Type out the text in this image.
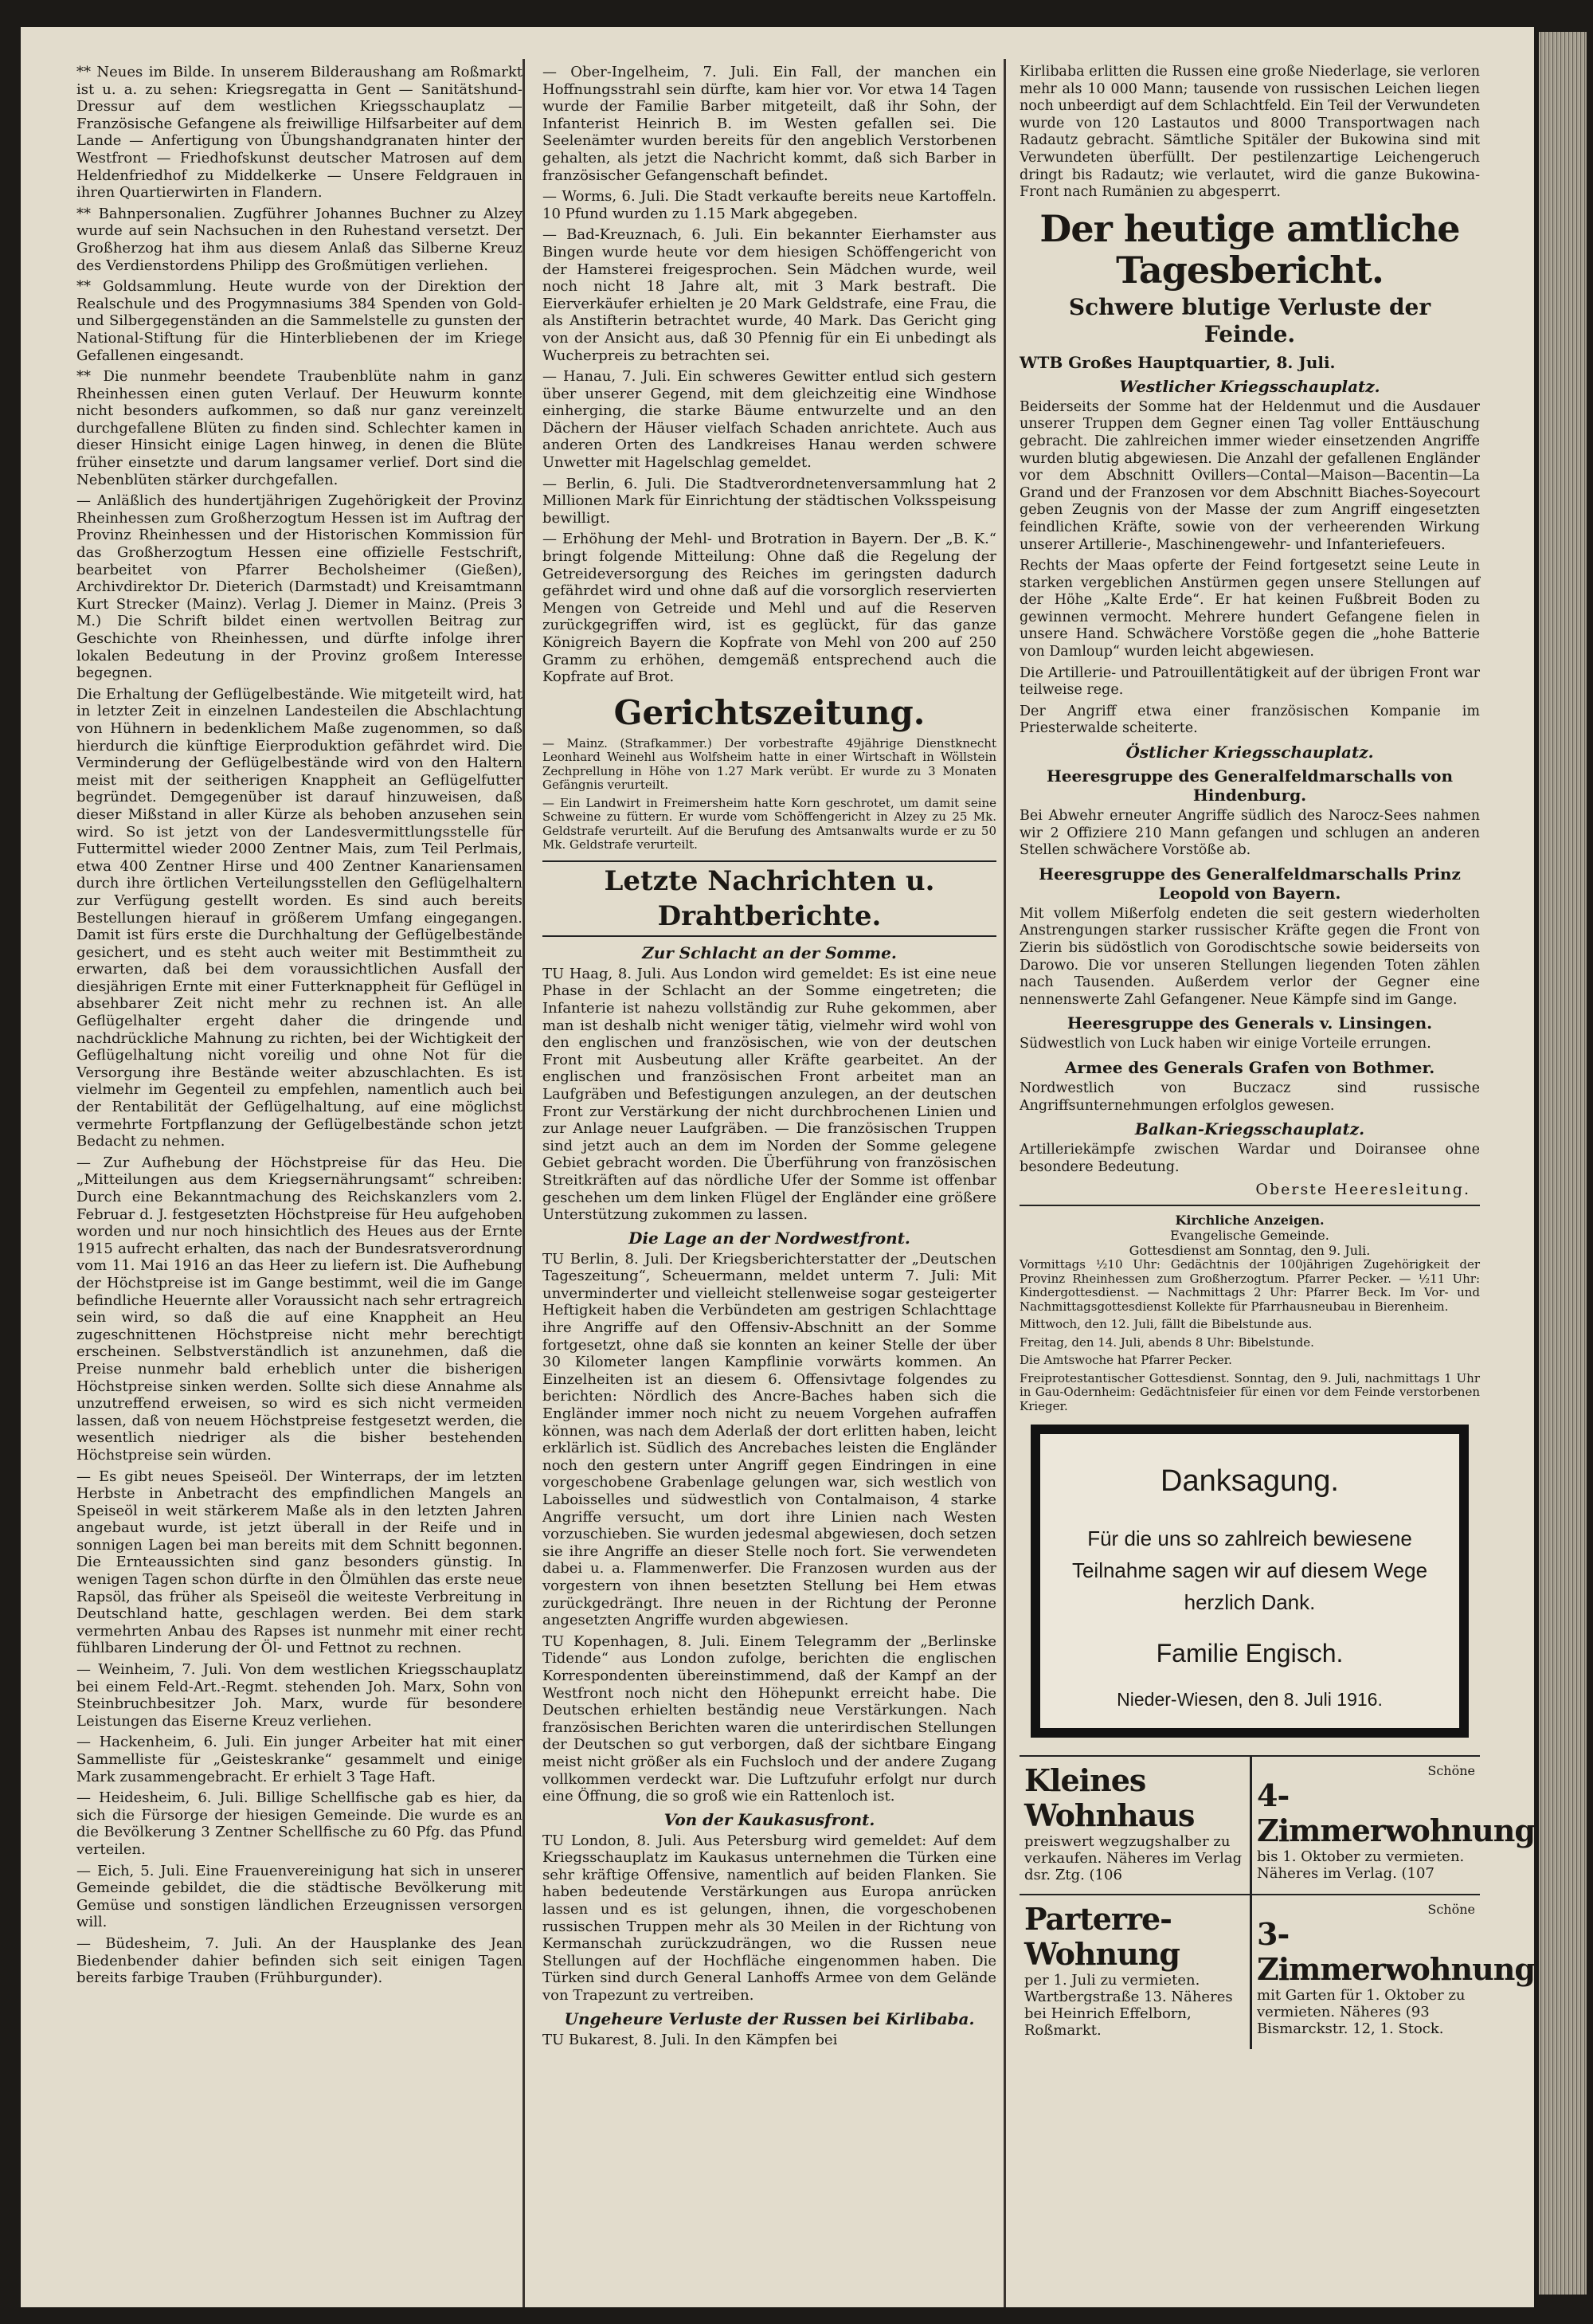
** Neues im Bilde. In unserem Bilderaushang am Roßmarkt ist u. a. zu sehen: Kriegsregatta in Gent — Sanitätshund-Dressur auf dem westlichen Kriegsschauplatz — Französische Gefangene als freiwillige Hilfsarbeiter auf dem Lande — Anfertigung von Übungshandgranaten hinter der Westfront — Friedhofskunst deutscher Matrosen auf dem Heldenfriedhof zu Middelkerke — Unsere Feldgrauen in ihren Quartierwirten in Flandern.

** Bahnpersonalien. Zugführer Johannes Buchner zu Alzey wurde auf sein Nachsuchen in den Ruhestand versetzt. Der Großherzog hat ihm aus diesem Anlaß das Silberne Kreuz des Verdienstordens Philipp des Großmütigen verliehen.

** Goldsammlung. Heute wurde von der Direktion der Realschule und des Progymnasiums 384 Spenden von Gold- und Silbergegenständen an die Sammelstelle zu gunsten der National-Stiftung für die Hinterbliebenen der im Kriege Gefallenen eingesandt.

** Die nunmehr beendete Traubenblüte nahm in ganz Rheinhessen einen guten Verlauf. Der Heuwurm konnte nicht besonders aufkommen, so daß nur ganz vereinzelt durchgefallene Blüten zu finden sind. Schlechter kamen in dieser Hinsicht einige Lagen hinweg, in denen die Blüte früher einsetzte und darum langsamer verlief. Dort sind die Nebenblüten stärker durchgefallen.

— Anläßlich des hundertjährigen Zugehörigkeit der Provinz Rheinhessen zum Großherzogtum Hessen ist im Auftrag der Provinz Rheinhessen und der Historischen Kommission für das Großherzogtum Hessen eine offizielle Festschrift, bearbeitet von Pfarrer Becholsheimer (Gießen), Archivdirektor Dr. Dieterich (Darmstadt) und Kreisamtmann Kurt Strecker (Mainz). Verlag J. Diemer in Mainz. (Preis 3 M.) Die Schrift bildet einen wertvollen Beitrag zur Geschichte von Rheinhessen, und dürfte infolge ihrer lokalen Bedeutung in der Provinz großem Interesse begegnen.

Die Erhaltung der Geflügelbestände. Wie mitgeteilt wird, hat in letzter Zeit in einzelnen Landesteilen die Abschlachtung von Hühnern in bedenklichem Maße zugenommen, so daß hierdurch die künftige Eierproduktion gefährdet wird. Die Verminderung der Geflügelbestände wird von den Haltern meist mit der seitherigen Knappheit an Geflügelfutter begründet. Demgegenüber ist darauf hinzuweisen, daß dieser Mißstand in aller Kürze als behoben anzusehen sein wird. So ist jetzt von der Landesvermittlungsstelle für Futtermittel wieder 2000 Zentner Mais, zum Teil Perlmais, etwa 400 Zentner Hirse und 400 Zentner Kanariensamen durch ihre örtlichen Verteilungsstellen den Geflügelhaltern zur Verfügung gestellt worden. Es sind auch bereits Bestellungen hierauf in größerem Umfang eingegangen. Damit ist fürs erste die Durchhaltung der Geflügelbestände gesichert, und es steht auch weiter mit Bestimmtheit zu erwarten, daß bei dem voraussichtlichen Ausfall der diesjährigen Ernte mit einer Futterknappheit für Geflügel in absehbarer Zeit nicht mehr zu rechnen ist. An alle Geflügelhalter ergeht daher die dringende und nachdrückliche Mahnung zu richten, bei der Wichtigkeit der Geflügelhaltung nicht voreilig und ohne Not für die Versorgung ihre Bestände weiter abzuschlachten. Es ist vielmehr im Gegenteil zu empfehlen, namentlich auch bei der Rentabilität der Geflügelhaltung, auf eine möglichst vermehrte Fortpflanzung der Geflügelbestände schon jetzt Bedacht zu nehmen.

— Zur Aufhebung der Höchstpreise für das Heu. Die „Mitteilungen aus dem Kriegsernährungsamt“ schreiben: Durch eine Bekanntmachung des Reichskanzlers vom 2. Februar d. J. festgesetzten Höchstpreise für Heu aufgehoben worden und nur noch hinsichtlich des Heues aus der Ernte 1915 aufrecht erhalten, das nach der Bundesratsverordnung vom 11. Mai 1916 an das Heer zu liefern ist. Die Aufhebung der Höchstpreise ist im Gange bestimmt, weil die im Gange befindliche Heuernte aller Voraussicht nach sehr ertragreich sein wird, so daß die auf eine Knappheit an Heu zugeschnittenen Höchstpreise nicht mehr berechtigt erscheinen. Selbstverständlich ist anzunehmen, daß die Preise nunmehr bald erheblich unter die bisherigen Höchstpreise sinken werden. Sollte sich diese Annahme als unzutreffend erweisen, so wird es sich nicht vermeiden lassen, daß von neuem Höchstpreise festgesetzt werden, die wesentlich niedriger als die bisher bestehenden Höchstpreise sein würden.

— Es gibt neues Speiseöl. Der Winterraps, der im letzten Herbste in Anbetracht des empfindlichen Mangels an Speiseöl in weit stärkerem Maße als in den letzten Jahren angebaut wurde, ist jetzt überall in der Reife und in sonnigen Lagen bei man bereits mit dem Schnitt begonnen. Die Ernteaussichten sind ganz besonders günstig. In wenigen Tagen schon dürfte in den Ölmühlen das erste neue Rapsöl, das früher als Speiseöl die weiteste Verbreitung in Deutschland hatte, geschlagen werden. Bei dem stark vermehrten Anbau des Rapses ist nunmehr mit einer recht fühlbaren Linderung der Öl- und Fettnot zu rechnen.

— Weinheim, 7. Juli. Von dem westlichen Kriegsschauplatz bei einem Feld-Art.-Regmt. stehenden Joh. Marx, Sohn von Steinbruchbesitzer Joh. Marx, wurde für besondere Leistungen das Eiserne Kreuz verliehen.

— Hackenheim, 6. Juli. Ein junger Arbeiter hat mit einer Sammelliste für „Geisteskranke“ gesammelt und einige Mark zusammengebracht. Er erhielt 3 Tage Haft.

— Heidesheim, 6. Juli. Billige Schellfische gab es hier, da sich die Fürsorge der hiesigen Gemeinde. Die wurde es an die Bevölkerung 3 Zentner Schellfische zu 60 Pfg. das Pfund verteilen.

— Eich, 5. Juli. Eine Frauenvereinigung hat sich in unserer Gemeinde gebildet, die die städtische Bevölkerung mit Gemüse und sonstigen ländlichen Erzeugnissen versorgen will.

— Büdesheim, 7. Juli. An der Hausplanke des Jean Biedenbender dahier befinden sich seit einigen Tagen bereits farbige Trauben (Frühburgunder).

— Ober-Ingelheim, 7. Juli. Ein Fall, der manchen ein Hoffnungsstrahl sein dürfte, kam hier vor. Vor etwa 14 Tagen wurde der Familie Barber mitgeteilt, daß ihr Sohn, der Infanterist Heinrich B. im Westen gefallen sei. Die Seelenämter wurden bereits für den angeblich Verstorbenen gehalten, als jetzt die Nachricht kommt, daß sich Barber in französischer Gefangenschaft befindet.

— Worms, 6. Juli. Die Stadt verkaufte bereits neue Kartoffeln. 10 Pfund wurden zu 1.15 Mark abgegeben.

— Bad-Kreuznach, 6. Juli. Ein bekannter Eierhamster aus Bingen wurde heute vor dem hiesigen Schöffengericht von der Hamsterei freigesprochen. Sein Mädchen wurde, weil noch nicht 18 Jahre alt, mit 3 Mark bestraft. Die Eierverkäufer erhielten je 20 Mark Geldstrafe, eine Frau, die als Anstifterin betrachtet wurde, 40 Mark. Das Gericht ging von der Ansicht aus, daß 30 Pfennig für ein Ei unbedingt als Wucherpreis zu betrachten sei.

— Hanau, 7. Juli. Ein schweres Gewitter entlud sich gestern über unserer Gegend, mit dem gleichzeitig eine Windhose einherging, die starke Bäume entwurzelte und an den Dächern der Häuser vielfach Schaden anrichtete. Auch aus anderen Orten des Landkreises Hanau werden schwere Unwetter mit Hagelschlag gemeldet.

— Berlin, 6. Juli. Die Stadtverordnetenversammlung hat 2 Millionen Mark für Einrichtung der städtischen Volksspeisung bewilligt.

— Erhöhung der Mehl- und Brotration in Bayern. Der „B. K.“ bringt folgende Mitteilung: Ohne daß die Regelung der Getreideversorgung des Reiches im geringsten dadurch gefährdet wird und ohne daß auf die vorsorglich reservierten Mengen von Getreide und Mehl und auf die Reserven zurückgegriffen wird, ist es geglückt, für das ganze Königreich Bayern die Kopfrate von Mehl von 200 auf 250 Gramm zu erhöhen, demgemäß entsprechend auch die Kopfrate auf Brot.

Gerichtszeitung.

— Mainz. (Strafkammer.) Der vorbestrafte 49jährige Dienstknecht Leonhard Weinehl aus Wolfsheim hatte in einer Wirtschaft in Wöllstein Zechprellung in Höhe von 1.27 Mark verübt. Er wurde zu 3 Monaten Gefängnis verurteilt.

— Ein Landwirt in Freimersheim hatte Korn geschrotet, um damit seine Schweine zu füttern. Er wurde vom Schöffengericht in Alzey zu 25 Mk. Geldstrafe verurteilt. Auf die Berufung des Amtsanwalts wurde er zu 50 Mk. Geldstrafe verurteilt.

Letzte Nachrichten u. Drahtberichte.
Zur Schlacht an der Somme.

TU Haag, 8. Juli. Aus London wird gemeldet: Es ist eine neue Phase in der Schlacht an der Somme eingetreten; die Infanterie ist nahezu vollständig zur Ruhe gekommen, aber man ist deshalb nicht weniger tätig, vielmehr wird wohl von den englischen und französischen, wie von der deutschen Front mit Ausbeutung aller Kräfte gearbeitet. An der englischen und französischen Front arbeitet man an Laufgräben und Befestigungen anzulegen, an der deutschen Front zur Verstärkung der nicht durchbrochenen Linien und zur Anlage neuer Laufgräben. — Die französischen Truppen sind jetzt auch an dem im Norden der Somme gelegene Gebiet gebracht worden. Die Überführung von französischen Streitkräften auf das nördliche Ufer der Somme ist offenbar geschehen um dem linken Flügel der Engländer eine größere Unterstützung zukommen zu lassen.

Die Lage an der Nordwestfront.

TU Berlin, 8. Juli. Der Kriegsberichterstatter der „Deutschen Tageszeitung“, Scheuermann, meldet unterm 7. Juli: Mit unverminderter und vielleicht stellenweise sogar gesteigerter Heftigkeit haben die Verbündeten am gestrigen Schlachttage ihre Angriffe auf den Offensiv-Abschnitt an der Somme fortgesetzt, ohne daß sie konnten an keiner Stelle der über 30 Kilometer langen Kampflinie vorwärts kommen. An Einzelheiten ist an diesem 6. Offensivtage folgendes zu berichten: Nördlich des Ancre-Baches haben sich die Engländer immer noch nicht zu neuem Vorgehen aufraffen können, was nach dem Aderlaß der dort erlitten haben, leicht erklärlich ist. Südlich des Ancrebaches leisten die Engländer noch den gestern unter Angriff gegen Eindringen in eine vorgeschobene Grabenlage gelungen war, sich westlich von Laboisselles und südwestlich von Contalmaison, 4 starke Angriffe versucht, um dort ihre Linien nach Westen vorzuschieben. Sie wurden jedesmal abgewiesen, doch setzen sie ihre Angriffe an dieser Stelle noch fort. Sie verwendeten dabei u. a. Flammenwerfer. Die Franzosen wurden aus der vorgestern von ihnen besetzten Stellung bei Hem etwas zurückgedrängt. Ihre neuen in der Richtung der Peronne angesetzten Angriffe wurden abgewiesen.

TU Kopenhagen, 8. Juli. Einem Telegramm der „Berlinske Tidende“ aus London zufolge, berichten die englischen Korrespondenten übereinstimmend, daß der Kampf an der Westfront noch nicht den Höhepunkt erreicht habe. Die Deutschen erhielten beständig neue Verstärkungen. Nach französischen Berichten waren die unterirdischen Stellungen der Deutschen so gut verborgen, daß der sichtbare Eingang meist nicht größer als ein Fuchsloch und der andere Zugang vollkommen verdeckt war. Die Luftzufuhr erfolgt nur durch eine Öffnung, die so groß wie ein Rattenloch ist.

Von der Kaukasusfront.

TU London, 8. Juli. Aus Petersburg wird gemeldet: Auf dem Kriegsschauplatz im Kaukasus unternehmen die Türken eine sehr kräftige Offensive, namentlich auf beiden Flanken. Sie haben bedeutende Verstärkungen aus Europa anrücken lassen und es ist gelungen, ihnen, die vorgeschobenen russischen Truppen mehr als 30 Meilen in der Richtung von Kermanschah zurückzudrängen, wo die Russen neue Stellungen auf der Hochfläche eingenommen haben. Die Türken sind durch General Lanhoffs Armee von dem Gelände von Trapezunt zu vertreiben.

Ungeheure Verluste der Russen bei Kirlibaba.

TU Bukarest, 8. Juli. In den Kämpfen bei

Kirlibaba erlitten die Russen eine große Niederlage, sie verloren mehr als 10 000 Mann; tausende von russischen Leichen liegen noch unbeerdigt auf dem Schlachtfeld. Ein Teil der Verwundeten wurde von 120 Lastautos und 8000 Transportwagen nach Radautz gebracht. Sämtliche Spitäler der Bukowina sind mit Verwundeten überfüllt. Der pestilenzartige Leichengeruch dringt bis Radautz; wie verlautet, wird die ganze Bukowina-Front nach Rumänien zu abgesperrt.

Der heutige amtliche Tagesbericht.
Schwere blutige Verluste der Feinde.
WTB Großes Hauptquartier, 8. Juli.
Westlicher Kriegsschauplatz.

Beiderseits der Somme hat der Heldenmut und die Ausdauer unserer Truppen dem Gegner einen Tag voller Enttäuschung gebracht. Die zahlreichen immer wieder einsetzenden Angriffe wurden blutig abgewiesen. Die Anzahl der gefallenen Engländer vor dem Abschnitt Ovillers—Contal—Maison—Bacentin—La Grand und der Franzosen vor dem Abschnitt Biaches-Soyecourt geben Zeugnis von der Masse der zum Angriff eingesetzten feindlichen Kräfte, sowie von der verheerenden Wirkung unserer Artillerie-, Maschinengewehr- und Infanteriefeuers.

Rechts der Maas opferte der Feind fortgesetzt seine Leute in starken vergeblichen Anstürmen gegen unsere Stellungen auf der Höhe „Kalte Erde“. Er hat keinen Fußbreit Boden zu gewinnen vermocht. Mehrere hundert Gefangene fielen in unsere Hand. Schwächere Vorstöße gegen die „hohe Batterie von Damloup“ wurden leicht abgewiesen.

Die Artillerie- und Patrouillentätigkeit auf der übrigen Front war teilweise rege.

Der Angriff etwa einer französischen Kompanie im Priesterwalde scheiterte.

Östlicher Kriegsschauplatz.
Heeresgruppe des Generalfeldmarschalls von Hindenburg.

Bei Abwehr erneuter Angriffe südlich des Narocz-Sees nahmen wir 2 Offiziere 210 Mann gefangen und schlugen an anderen Stellen schwächere Vorstöße ab.

Heeresgruppe des Generalfeldmarschalls Prinz Leopold von Bayern.

Mit vollem Mißerfolg endeten die seit gestern wiederholten Anstrengungen starker russischer Kräfte gegen die Front von Zierin bis südöstlich von Gorodischtsche sowie beiderseits von Darowo. Die vor unseren Stellungen liegenden Toten zählen nach Tausenden. Außerdem verlor der Gegner eine nennenswerte Zahl Gefangener. Neue Kämpfe sind im Gange.

Heeresgruppe des Generals v. Linsingen.

Südwestlich von Luck haben wir einige Vorteile errungen.

Armee des Generals Grafen von Bothmer.

Nordwestlich von Buczacz sind russische Angriffsunternehmungen erfolglos gewesen.

Balkan-Kriegsschauplatz.

Artilleriekämpfe zwischen Wardar und Doiransee ohne besondere Bedeutung.

Oberste Heeresleitung.
Kirchliche Anzeigen.
Evangelische Gemeinde.
Gottesdienst am Sonntag, den 9. Juli.

Vormittags ½10 Uhr: Gedächtnis der 100jährigen Zugehörigkeit der Provinz Rheinhessen zum Großherzogtum. Pfarrer Pecker. — ½11 Uhr: Kindergottesdienst. — Nachmittags 2 Uhr: Pfarrer Beck. Im Vor- und Nachmittagsgottesdienst Kollekte für Pfarrhausneubau in Bierenheim.

Mittwoch, den 12. Juli, fällt die Bibelstunde aus.

Freitag, den 14. Juli, abends 8 Uhr: Bibelstunde.

Die Amtswoche hat Pfarrer Pecker.

Freiprotestantischer Gottesdienst. Sonntag, den 9. Juli, nachmittags 1 Uhr in Gau-Odernheim: Gedächtnisfeier für einen vor dem Feinde verstorbenen Krieger.

Danksagung.
Für die uns so zahlreich bewiesene Teilnahme sagen wir auf diesem Wege herzlich Dank.
Familie Engisch.
Nieder-Wiesen, den 8. Juli 1916.
Kleines Wohnhaus

preiswert wegzugshalber zu verkaufen. Näheres im Verlag dsr. Ztg. (106

Schöne
4-Zimmerwohnung

bis 1. Oktober zu vermieten. Näheres im Verlag. (107

Parterre-Wohnung

per 1. Juli zu vermieten. Wartbergstraße 13. Näheres bei Heinrich Effelborn, Roßmarkt.

Schöne
3-Zimmerwohnung

mit Garten für 1. Oktober zu vermieten. Näheres (93 Bismarckstr. 12, 1. Stock.
